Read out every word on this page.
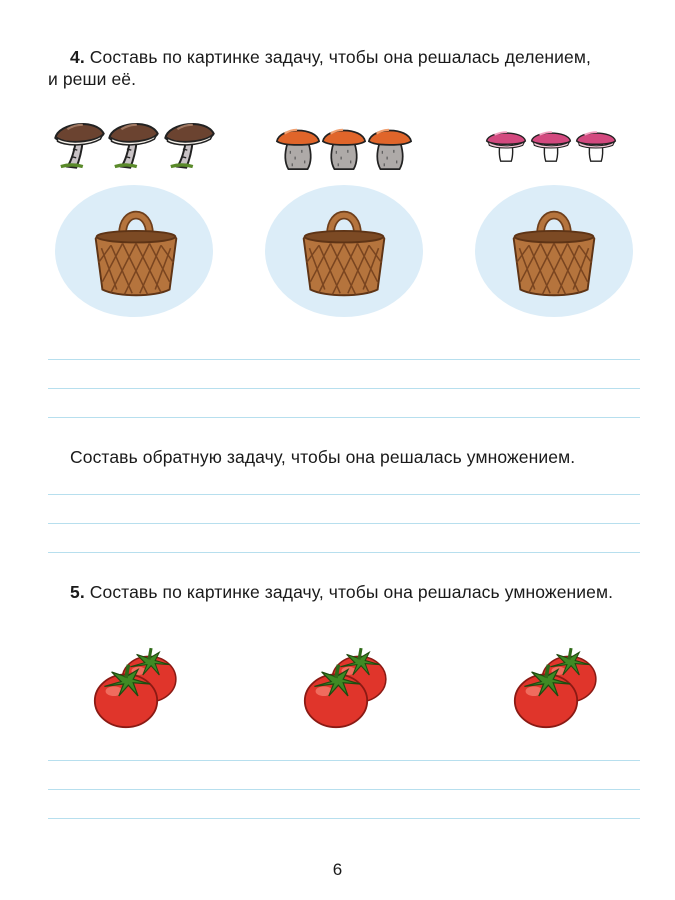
4. Составь по картинке задачу, чтобы она решалась делением,
и реши её.
Составь обратную задачу, чтобы она решалась умножением.
5. Составь по картинке задачу, чтобы она решалась умножением.
6
